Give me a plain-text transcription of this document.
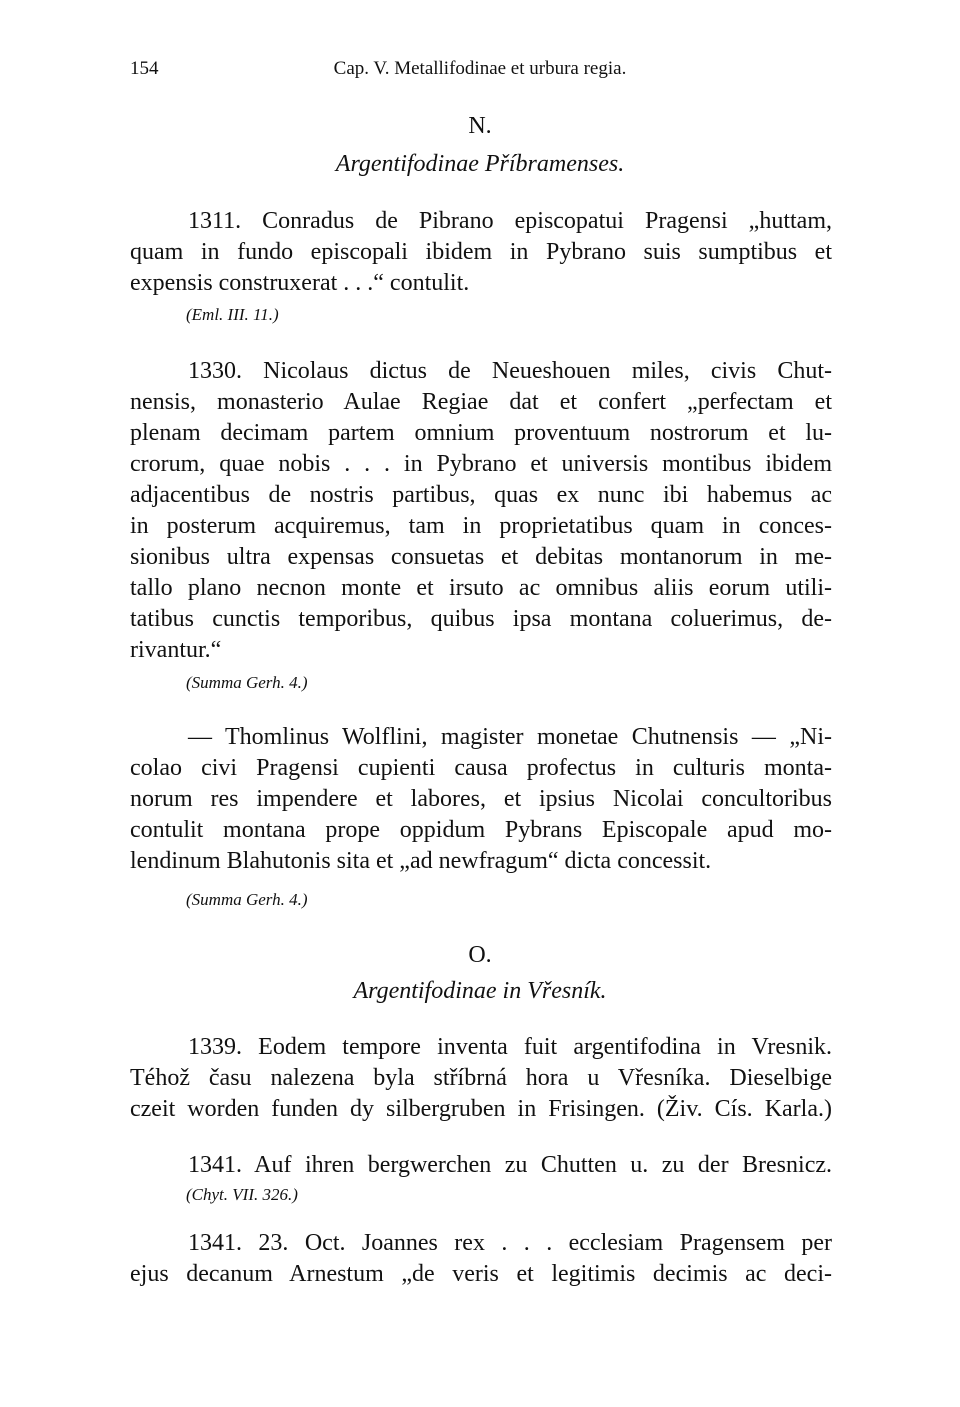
154	Cap. V. Metallifodinae et urbura regia.
N.
Argentifodinae Příbramenses.

1311. Conradus de Pibrano episcopatui Pragensi „huttam,
quam in fundo episcopali ibidem in Pybrano suis sumptibus et
expensis construxerat . . .“ contulit.

(Eml. III. 11.)

1330. Nicolaus dictus de Neueshouen miles, civis Chut-
nensis, monasterio Aulae Regiae dat et confert „perfectam et
plenam decimam partem omnium proventuum nostrorum et lu-
crorum, quae nobis . . . in Pybrano et universis montibus ibidem
adjacentibus de nostris partibus, quas ex nunc ibi habemus ac
in posterum acquiremus, tam in proprietatibus quam in conces-
sionibus ultra expensas consuetas et debitas montanorum in me-
tallo plano necnon monte et irsuto ac omnibus aliis eorum utili-
tatibus cunctis temporibus, quibus ipsa montana coluerimus, de-
rivantur.“

(Summa Gerh. 4.)

— Thomlinus Wolflini, magister monetae Chutnensis — „Ni-
colao civi Pragensi cupienti causa profectus in culturis monta-
norum res impendere et labores, et ipsius Nicolai concultoribus
contulit montana prope oppidum Pybrans Episcopale apud mo-
lendinum Blahutonis sita et „ad newfragum“ dicta concessit.

(Summa Gerh. 4.)
O.
Argentifodinae in Vřesník.

1339. Eodem tempore inventa fuit argentifodina in Vresnik.
Téhož času nalezena byla stříbrná hora u Vřesníka. Dieselbige
czeit worden funden dy silbergruben in Frisingen. (Živ. Cís. Karla.)

1341. Auf ihren bergwerchen zu Chutten u. zu der Bresnicz.

(Chyt. VII. 326.)

1341. 23. Oct. Joannes rex . . . ecclesiam Pragensem per
ejus decanum Arnestum „de veris et legitimis decimis ac deci-
